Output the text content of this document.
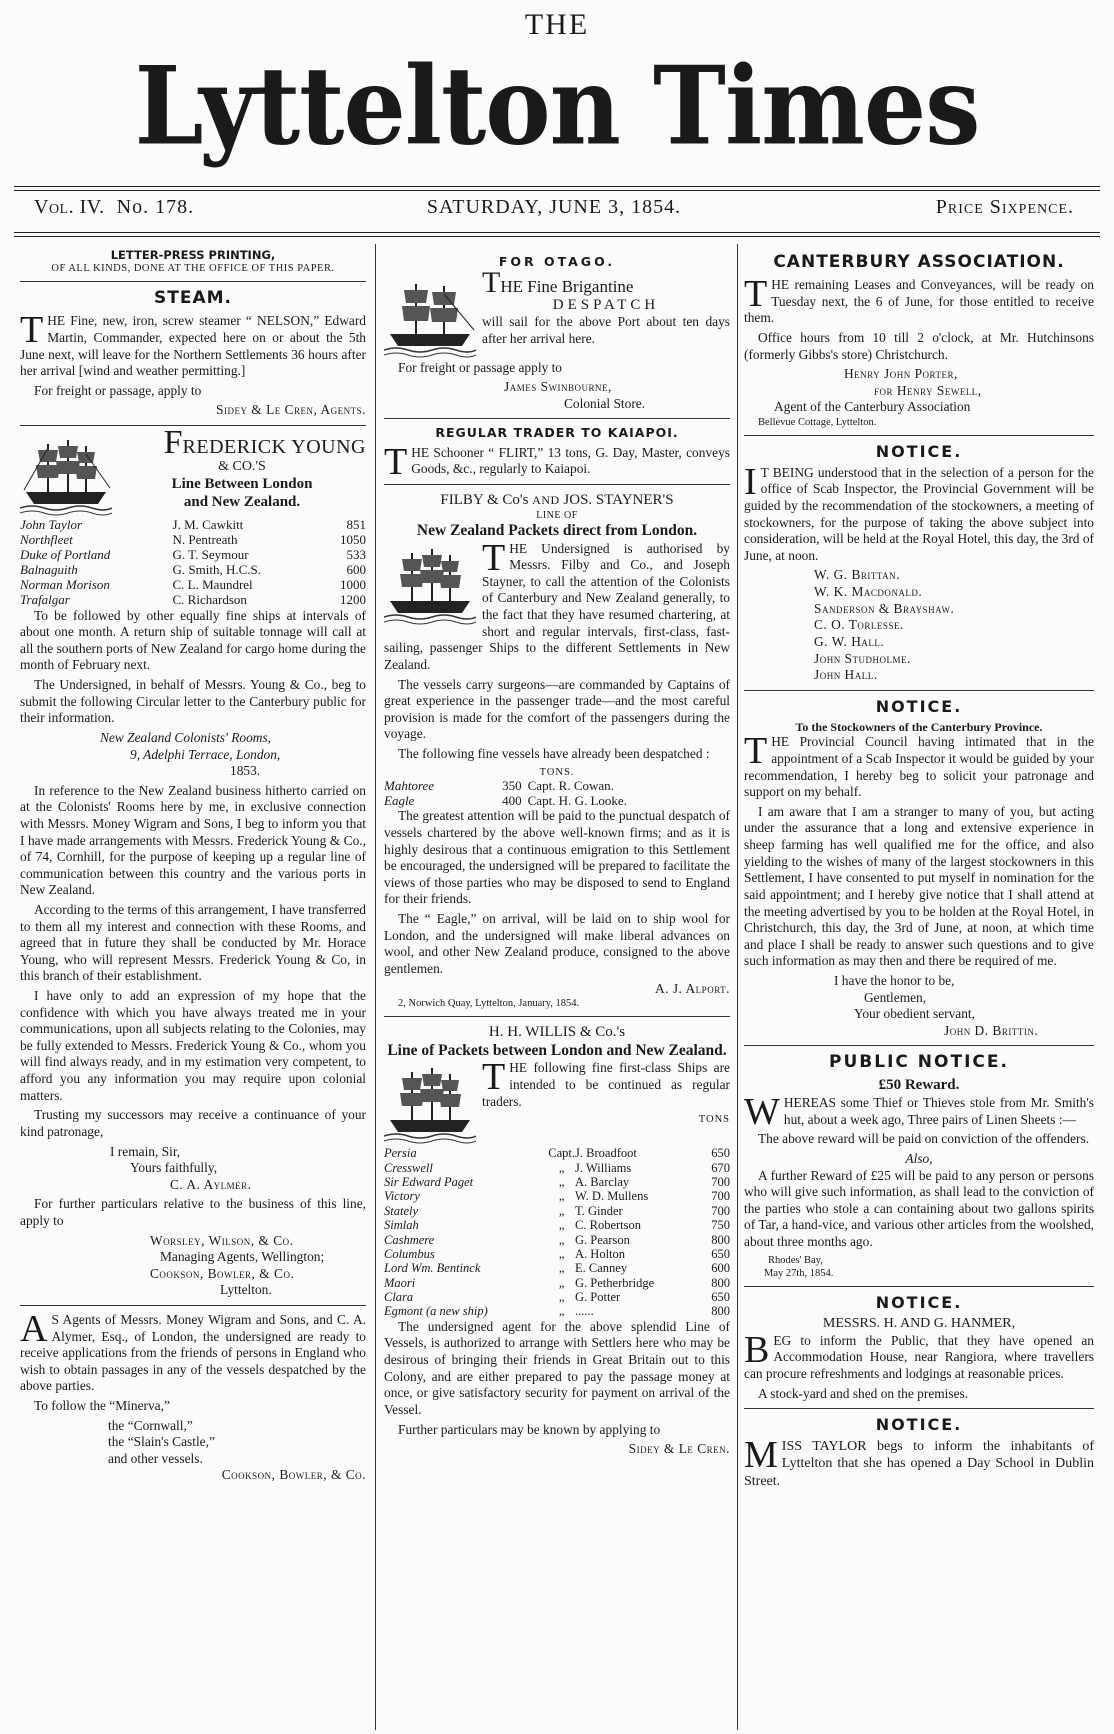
THE
Lyttelton Times
Vol. IV. No. 178.	SATURDAY, JUNE 3, 1854.	Price Sixpence.
LETTER-PRESS PRINTING,
OF ALL KINDS, DONE AT THE OFFICE OF THIS PAPER.
STEAM.

THE Fine, new, iron, screw steamer “ NELSON,” Edward Martin, Commander, expected here on or about the 5th June next, will leave for the Northern Settlements 36 hours after her arrival [wind and weather permitting.]

For freight or passage, apply to

Sidey & Le Cren, Agents.
FREDERICK YOUNG
& CO.'S
Line Between London
and New Zealand.
John Taylor	J. M. Cawkitt	851
Northfleet	N. Pentreath	1050
Duke of Portland	G. T. Seymour	533
Balnaguith	G. Smith, H.C.S.	600
Norman Morison	C. L. Maundrel	1000
Trafalgar	C. Richardson	1200

To be followed by other equally fine ships at intervals of about one month. A return ship of suitable tonnage will call at all the southern ports of New Zealand for cargo home during the month of February next.

The Undersigned, in behalf of Messrs. Young & Co., beg to submit the following Circular letter to the Canterbury public for their information.

New Zealand Colonists' Rooms,
9, Adelphi Terrace, London,
1853.

In reference to the New Zealand business hitherto carried on at the Colonists' Rooms here by me, in exclusive connection with Messrs. Money Wigram and Sons, I beg to inform you that I have made arrangements with Messrs. Frederick Young & Co., of 74, Cornhill, for the purpose of keeping up a regular line of communication between this country and the various ports in New Zealand.

According to the terms of this arrangement, I have transferred to them all my interest and connection with these Rooms, and agreed that in future they shall be conducted by Mr. Horace Young, who will represent Messrs. Frederick Young & Co, in this branch of their establishment.

I have only to add an expression of my hope that the confidence with which you have always treated me in your communications, upon all subjects relating to the Colonies, may be fully extended to Messrs. Frederick Young & Co., whom you will find always ready, and in my estimation very competent, to afford you any information you may require upon colonial matters.

Trusting my successors may receive a continuance of your kind patronage,

I remain, Sir,
Yours faithfully,
C. A. Aylmer.

For further particulars relative to the business of this line, apply to

Worsley, Wilson, & Co.
Managing Agents, Wellington;
Cookson, Bowler, & Co.
Lyttelton.

A S Agents of Messrs. Money Wigram and Sons, and C. A. Alymer, Esq., of London, the undersigned are ready to receive applications from the friends of persons in England who wish to obtain passages in any of the vessels despatched by the above parties.

To follow the “Minerva,”

the “Cornwall,”
the “Slain's Castle,”
and other vessels.
Cookson, Bowler, & Co.
FOR OTAGO.
THE Fine Brigantine
DESPATCH

will sail for the above Port about ten days after her arrival here.

For freight or passage apply to

James Swinbourne,
Colonial Store.
REGULAR TRADER TO KAIAPOI.

THE Schooner “ FLIRT,” 13 tons, G. Day, Master, conveys Goods, &c., regularly to Kaiapoi.

FILBY & Co's AND JOS. STAYNER'S
LINE OF
New Zealand Packets direct from London.

THE Undersigned is authorised by Messrs. Filby and Co., and Joseph Stayner, to call the attention of the Colonists of Canterbury and New Zealand generally, to the fact that they have resumed chartering, at short and regular intervals, first-class, fast-sailing, passenger Ships to the different Settlements in New Zealand.

The vessels carry surgeons—are commanded by Captains of great experience in the passenger trade—and the most careful provision is made for the comfort of the passengers during the voyage.

The following fine vessels have already been despatched :

TONS.
Mahtoree	350	Capt. R. Cowan.
Eagle	400	Capt. H. G. Looke.

The greatest attention will be paid to the punctual despatch of vessels chartered by the above well-known firms; and as it is highly desirous that a continuous emigration to this Settlement be encouraged, the undersigned will be prepared to facilitate the views of those parties who may be disposed to send to England for their friends.

The “ Eagle,” on arrival, will be laid on to ship wool for London, and the undersigned will make liberal advances on wool, and other New Zealand produce, consigned to the above gentlemen.

A. J. Alport.
2, Norwich Quay, Lyttelton, January, 1854.
H. H. WILLIS & Co.'s
Line of Packets between London and New Zealand.

THE following fine first-class Ships are intended to be continued as regular traders.

TONS
Persia	Capt.	J. Broadfoot	650
Cresswell	„	J. Williams	670
Sir Edward Paget	„	A. Barclay	700
Victory	„	W. D. Mullens	700
Stately	„	T. Ginder	700
Simlah	„	C. Robertson	750
Cashmere	„	G. Pearson	800
Columbus	„	A. Holton	650
Lord Wm. Bentinck	„	E. Canney	600
Maori	„	G. Petherbridge	800
Clara	„	G. Potter	650
Egmont (a new ship)	„	......	800

The undersigned agent for the above splendid Line of Vessels, is authorized to arrange with Settlers here who may be desirous of bringing their friends in Great Britain out to this Colony, and are either prepared to pay the passage money at once, or give satisfactory security for payment on arrival of the Vessel.

Further particulars may be known by applying to

Sidey & Le Cren.
CANTERBURY ASSOCIATION.

THE remaining Leases and Conveyances, will be ready on Tuesday next, the 6 of June, for those entitled to receive them.

Office hours from 10 till 2 o'clock, at Mr. Hutchinsons (formerly Gibbs's store) Christchurch.

Henry John Porter,
for Henry Sewell,
Agent of the Canterbury Association
Bellevue Cottage, Lyttelton.
NOTICE.

I T BEING understood that in the selection of a person for the office of Scab Inspector, the Provincial Government will be guided by the recommendation of the stockowners, a meeting of stockowners, for the purpose of taking the above subject into consideration, will be held at the Royal Hotel, this day, the 3rd of June, at noon.

W. G. Brittan.
W. K. Macdonald.
Sanderson & Brayshaw.
C. O. Torlesse.
G. W. Hall.
John Studholme.
John Hall.
NOTICE.
To the Stockowners of the Canterbury Province.

THE Provincial Council having intimated that in the appointment of a Scab Inspector it would be guided by your recommendation, I hereby beg to solicit your patronage and support on my behalf.

I am aware that I am a stranger to many of you, but acting under the assurance that a long and extensive experience in sheep farming has well qualified me for the office, and also yielding to the wishes of many of the largest stockowners in this Settlement, I have consented to put myself in nomination for the said appointment; and I hereby give notice that I shall attend at the meeting advertised by you to be holden at the Royal Hotel, in Christchurch, this day, the 3rd of June, at noon, at which time and place I shall be ready to answer such questions and to give such information as may then and there be required of me.

I have the honor to be,
Gentlemen,
Your obedient servant,
John D. Brittin.
PUBLIC NOTICE.
£50 Reward.

WHEREAS some Thief or Thieves stole from Mr. Smith's hut, about a week ago, Three pairs of Linen Sheets :—

The above reward will be paid on conviction of the offenders.

Also,

A further Reward of £25 will be paid to any person or persons who will give such information, as shall lead to the conviction of the parties who stole a can containing about two gallons spirits of Tar, a hand-vice, and various other articles from the woolshed, about three months ago.

Rhodes' Bay,
May 27th, 1854.
NOTICE.
MESSRS. H. AND G. HANMER,

BEG to inform the Public, that they have opened an Accommodation House, near Rangiora, where travellers can procure refreshments and lodgings at reasonable prices.

A stock-yard and shed on the premises.

NOTICE.

MISS TAYLOR begs to inform the inhabitants of Lyttelton that she has opened a Day School in Dublin Street.
